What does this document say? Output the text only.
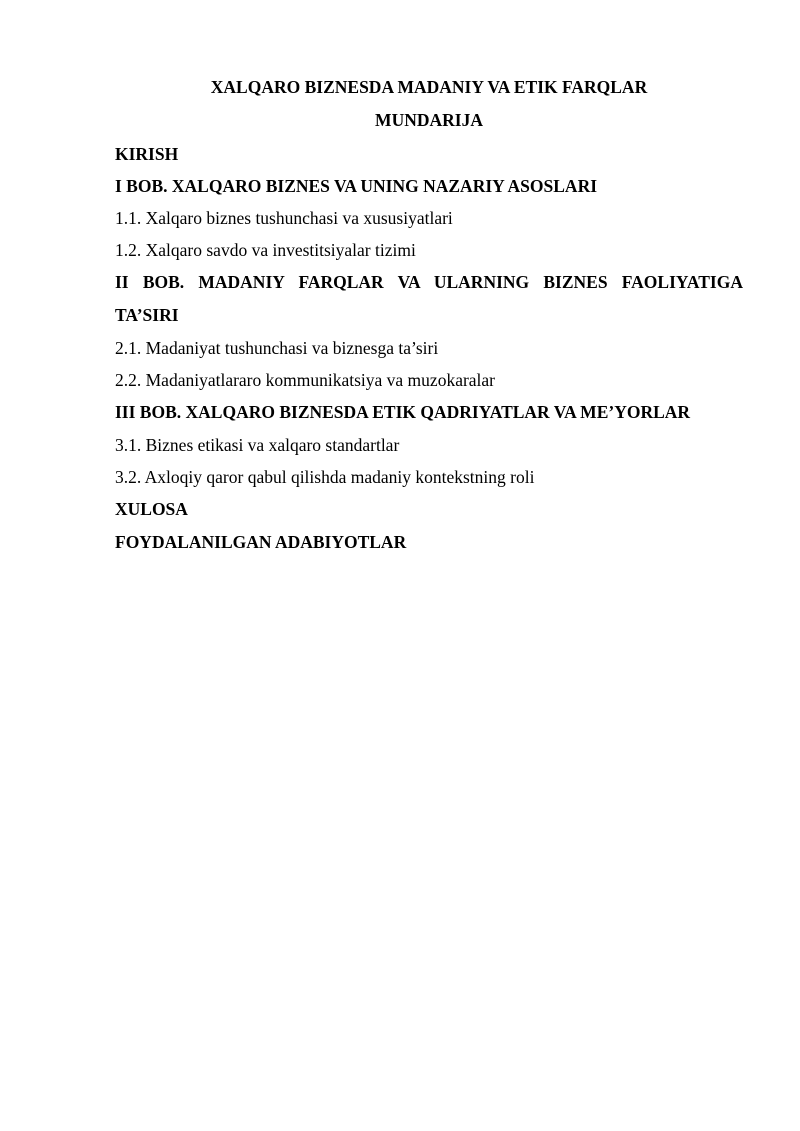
XALQARO BIZNESDA MADANIY VA ETIK FARQLAR
MUNDARIJA
KIRISH
I BOB. XALQARO BIZNES VA UNING NAZARIY ASOSLARI
1.1. Xalqaro biznes tushunchasi va xususiyatlari
1.2. Xalqaro savdo va investitsiyalar tizimi
II BOB. MADANIY FARQLAR VA ULARNING BIZNES FAOLIYATIGA
TA’SIRI
2.1. Madaniyat tushunchasi va biznesga ta’siri
2.2. Madaniyatlararo kommunikatsiya va muzokaralar
III BOB. XALQARO BIZNESDA ETIK QADRIYATLAR VA ME’YORLAR
3.1. Biznes etikasi va xalqaro standartlar
3.2. Axloqiy qaror qabul qilishda madaniy kontekstning roli
XULOSA
FOYDALANILGAN ADABIYOTLAR
